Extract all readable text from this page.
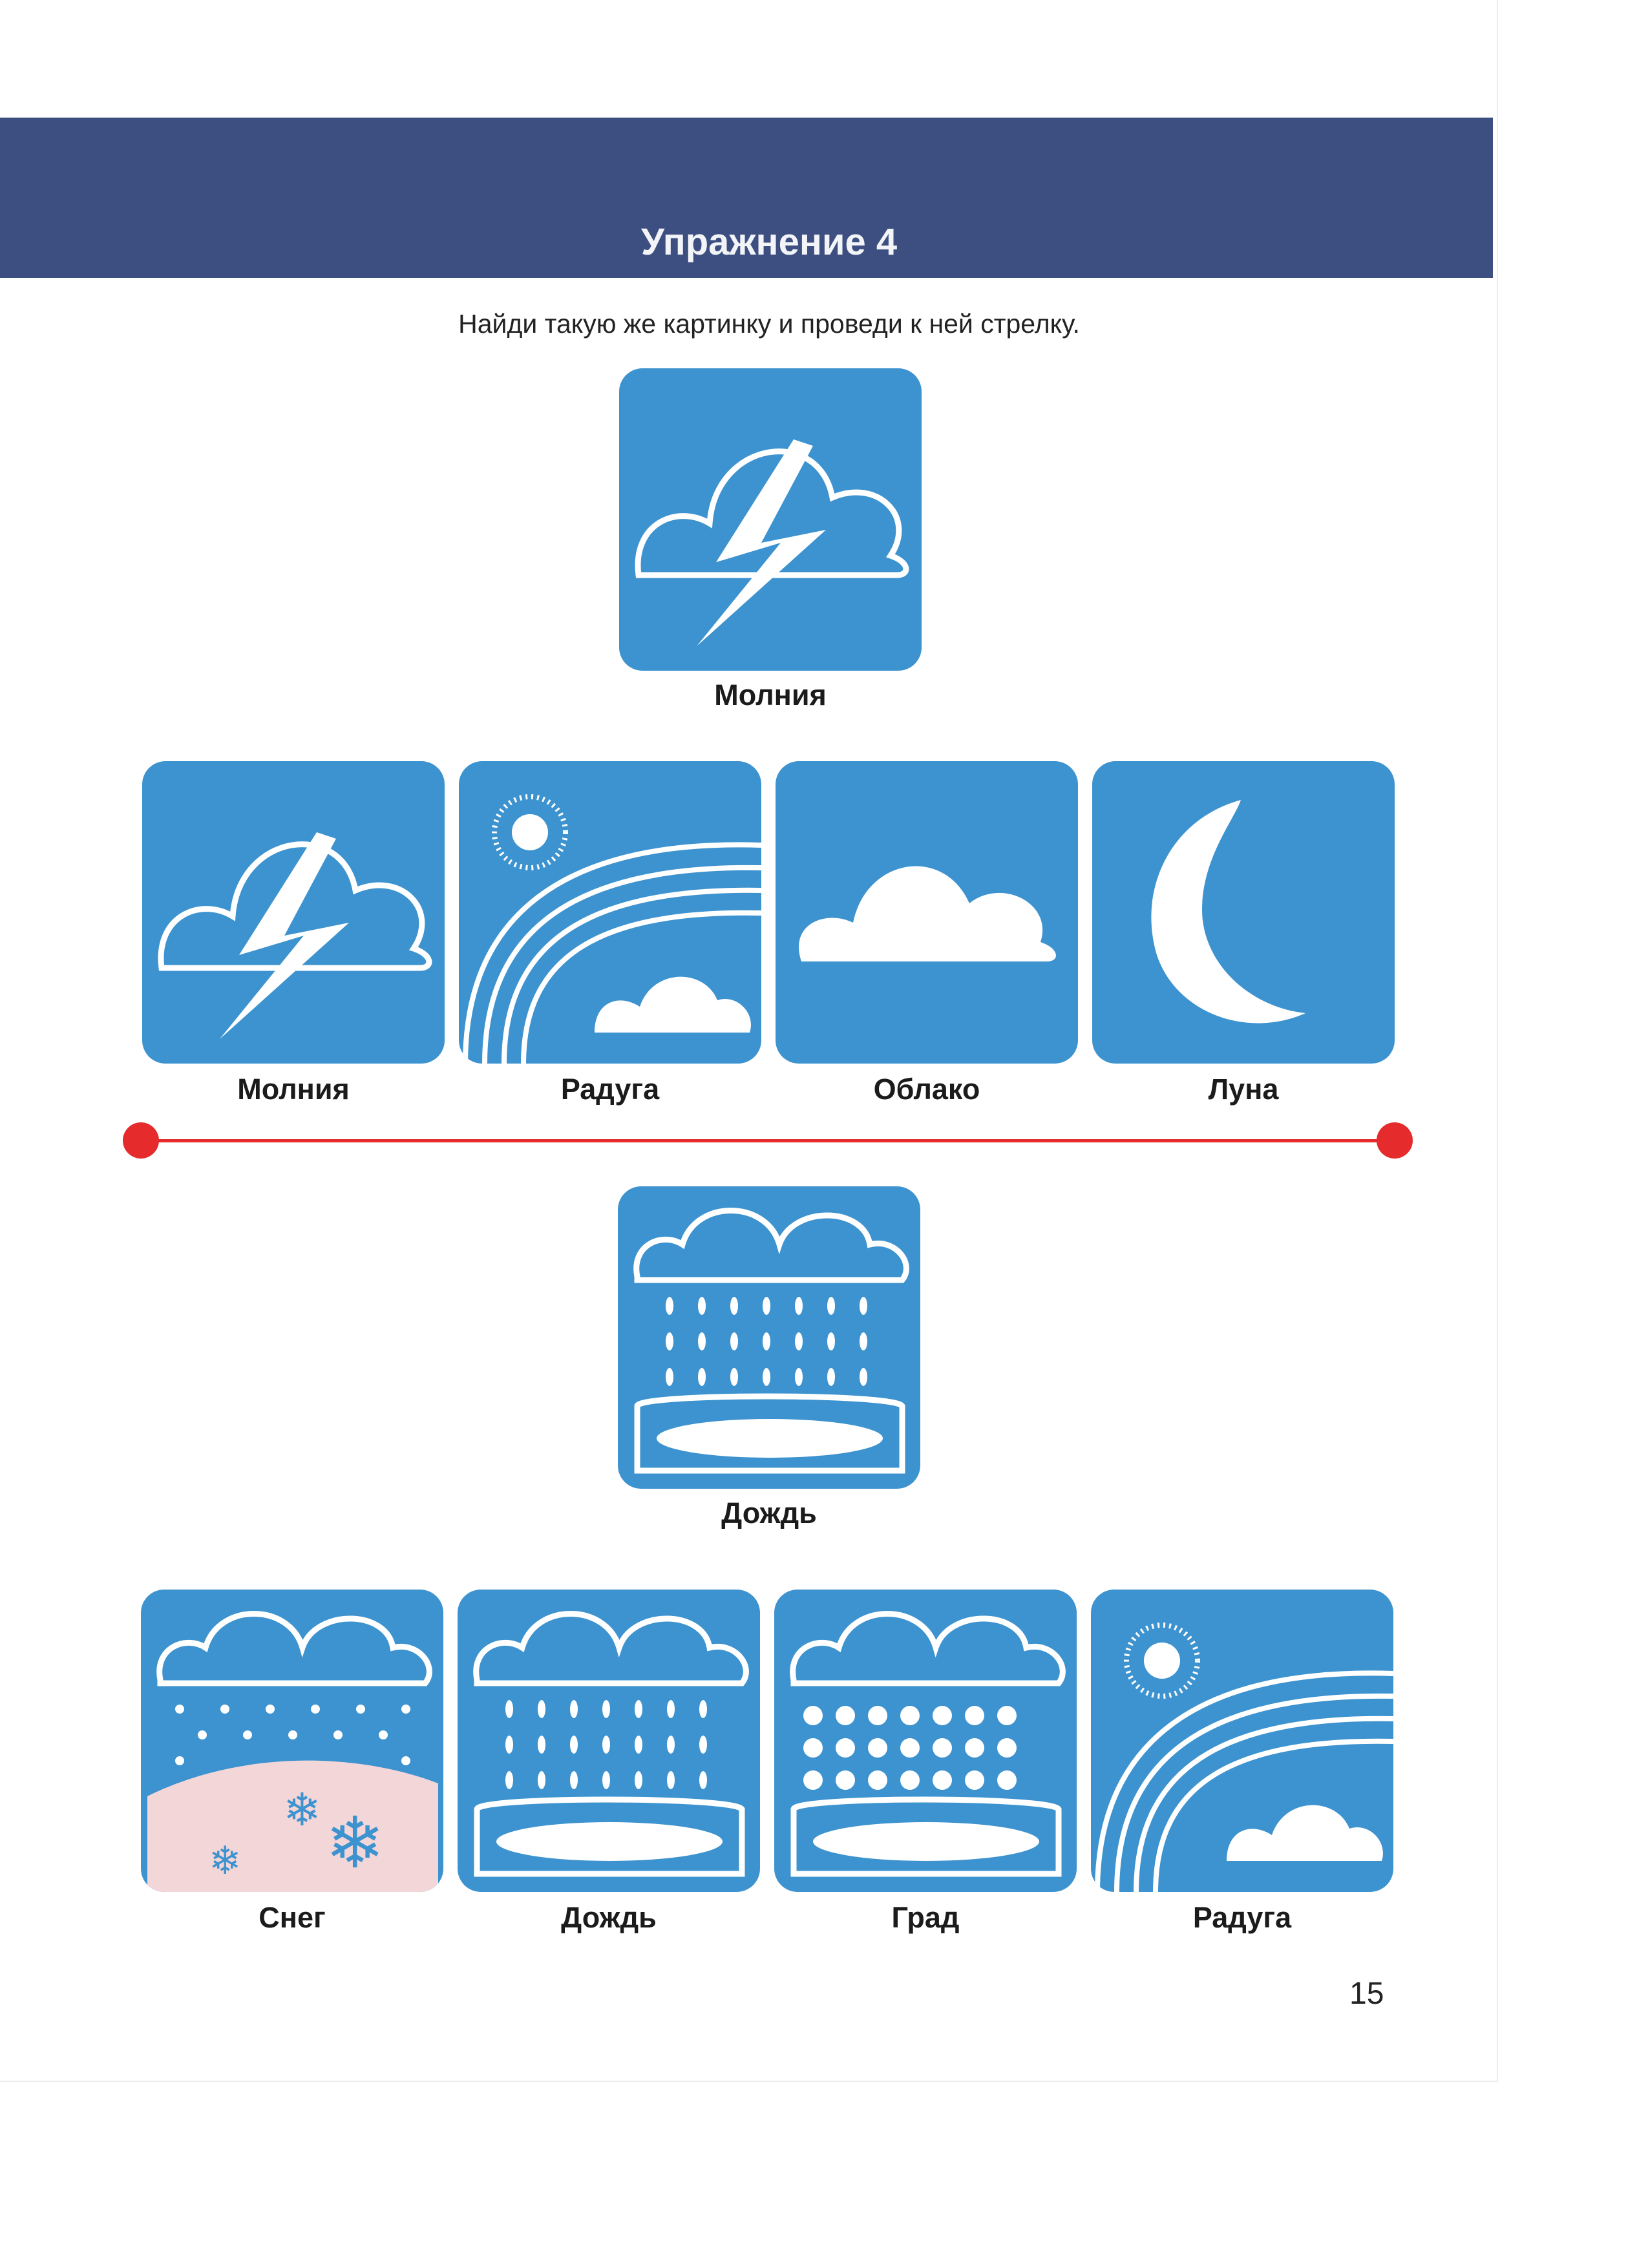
Упражнение 4
Найди такую же картинку и проведи к ней стрелку.
Молния
Молния	Радуга	Облако	Луна
Дождь
❄ ❄
❄
Снег	Дождь	Град	Радуга
15
